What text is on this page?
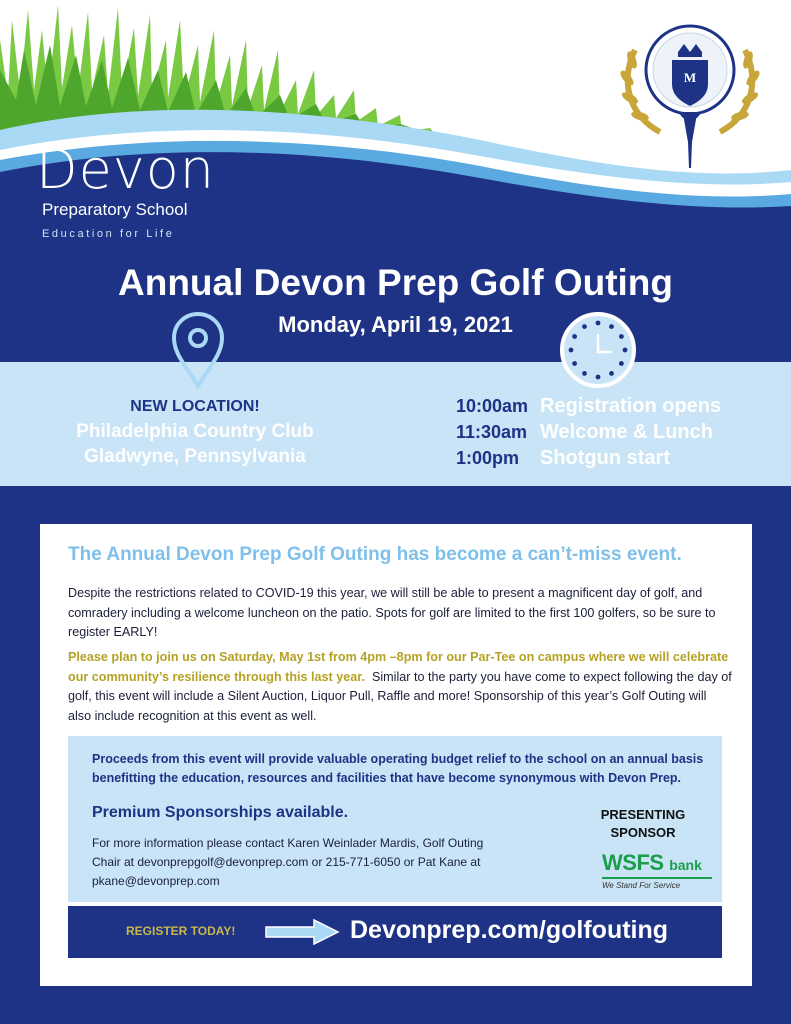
M
Devon
Preparatory School
Education for Life
Annual Devon Prep Golf Outing
Monday, April 19, 2021
NEW LOCATION!
Philadelphia Country Club
Gladwyne, Pennsylvania
10:00am Registration opens
11:30am Welcome & Lunch
1:00pm Shotgun start
The Annual Devon Prep Golf Outing has become a can’t-miss event.

Despite the restrictions related to COVID-19 this year, we will still be able to present a magnificent day of golf, and comradery including a welcome luncheon on the patio. Spots for golf are limited to the first 100 golfers, so be sure to register EARLY!

Please plan to join us on Saturday, May 1st from 4pm –8pm for our Par-Tee on campus where we will celebrate our community’s resilience through this last year. Similar to the party you have come to expect following the day of golf, this event will include a Silent Auction, Liquor Pull, Raffle and more! Sponsorship of this year’s Golf Outing will also include recognition at this event as well.

Proceeds from this event will provide valuable operating budget relief to the school on an annual basis benefitting the education, resources and facilities that have become synonymous with Devon Prep.
Premium Sponsorships available.
For more information please contact Karen Weinlader Mardis, Golf Outing Chair at devonprepgolf@devonprep.com or 215-771-6050 or Pat Kane at pkane@devonprep.com
PRESENTING
SPONSOR
WSFS bank
We Stand For Service
REGISTER TODAY!	Devonprep.com/golfouting
